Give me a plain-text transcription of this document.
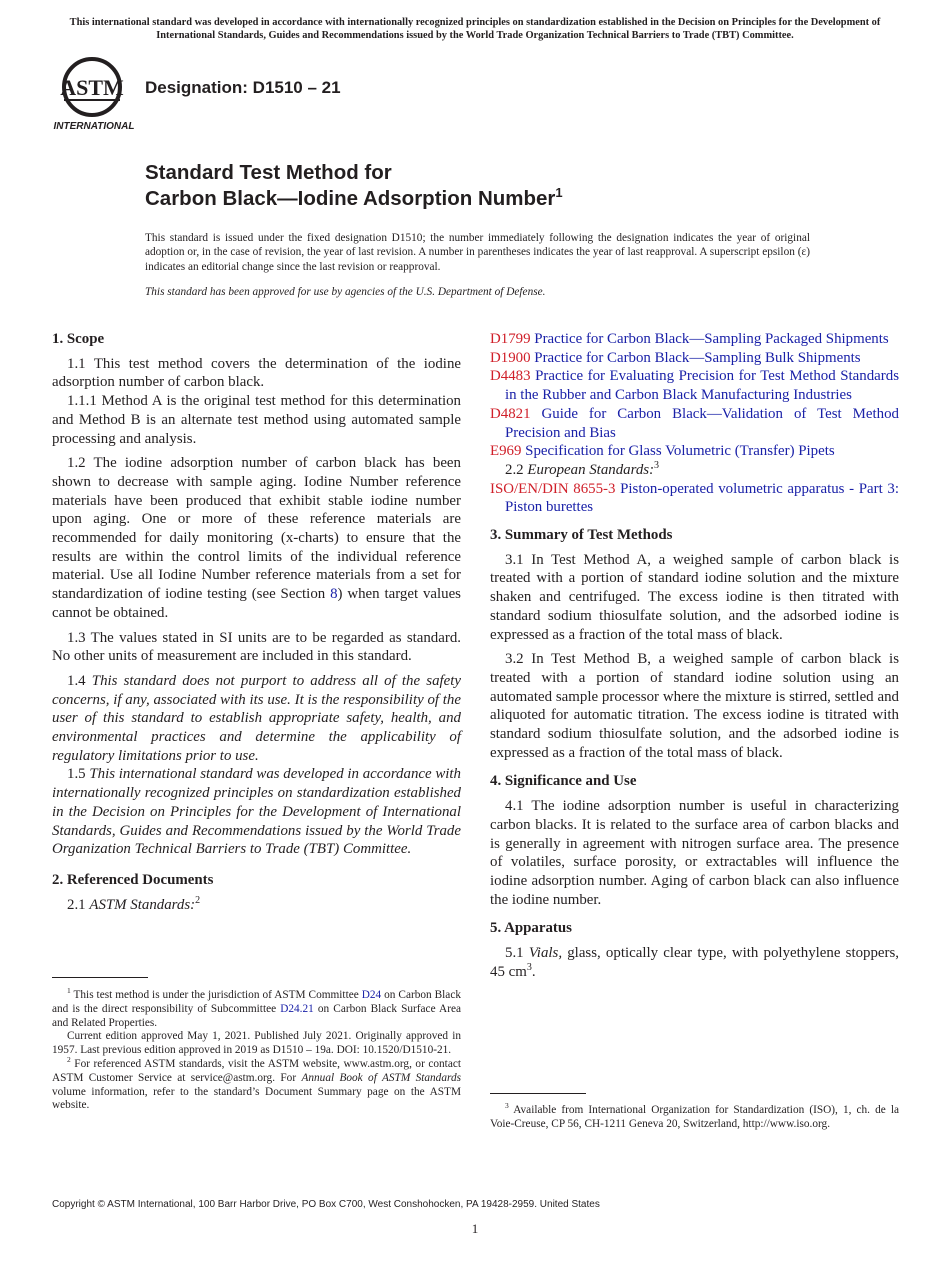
This international standard was developed in accordance with internationally recognized principles on standardization established in the Decision on Principles for the Development of International Standards, Guides and Recommendations issued by the World Trade Organization Technical Barriers to Trade (TBT) Committee.
ASTM
INTERNATIONAL
Designation: D1510 – 21
Standard Test Method for
Carbon Black—Iodine Adsorption Number$^1$
This standard is issued under the fixed designation D1510; the number immediately following the designation indicates the year of original adoption or, in the case of revision, the year of last revision. A number in parentheses indicates the year of last reapproval. A superscript epsilon (ε) indicates an editorial change since the last revision or reapproval.
This standard has been approved for use by agencies of the U.S. Department of Defense.
1. Scope

1.1 This test method covers the determination of the iodine adsorption number of carbon black.

1.1.1 Method A is the original test method for this determination and Method B is an alternate test method using automated sample processing and analysis.

1.2 The iodine adsorption number of carbon black has been shown to decrease with sample aging. Iodine Number reference materials have been produced that exhibit stable iodine number upon aging. One or more of these reference materials are recommended for daily monitoring (x-charts) to ensure that the results are within the control limits of the individual reference material. Use all Iodine Number reference materials from a set for standardization of iodine testing (see Section 8) when target values cannot be obtained.

1.3 The values stated in SI units are to be regarded as standard. No other units of measurement are included in this standard.

1.4 This standard does not purport to address all of the safety concerns, if any, associated with its use. It is the responsibility of the user of this standard to establish appropriate safety, health, and environmental practices and determine the applicability of regulatory limitations prior to use.

1.5 This international standard was developed in accordance with internationally recognized principles on standardization established in the Decision on Principles for the Development of International Standards, Guides and Recommendations issued by the World Trade Organization Technical Barriers to Trade (TBT) Committee.

2. Referenced Documents

2.1 ASTM Standards:$^2$

$^1$ This test method is under the jurisdiction of ASTM Committee D24 on Carbon Black and is the direct responsibility of Subcommittee D24.21 on Carbon Black Surface Area and Related Properties.

Current edition approved May 1, 2021. Published July 2021. Originally approved in 1957. Last previous edition approved in 2019 as D1510 – 19a. DOI: 10.1520/D1510-21.

$^2$ For referenced ASTM standards, visit the ASTM website, www.astm.org, or contact ASTM Customer Service at service@astm.org. For Annual Book of ASTM Standards volume information, refer to the standard’s Document Summary page on the ASTM website.

D1799 Practice for Carbon Black—Sampling Packaged Shipments

D1900 Practice for Carbon Black—Sampling Bulk Shipments

D4483 Practice for Evaluating Precision for Test Method Standards in the Rubber and Carbon Black Manufacturing Industries

D4821 Guide for Carbon Black—Validation of Test Method Precision and Bias

E969 Specification for Glass Volumetric (Transfer) Pipets

2.2 European Standards:$^3$

ISO/EN/DIN 8655-3 Piston-operated volumetric apparatus - Part 3: Piston burettes

3. Summary of Test Methods

3.1 In Test Method A, a weighed sample of carbon black is treated with a portion of standard iodine solution and the mixture shaken and centrifuged. The excess iodine is then titrated with standard sodium thiosulfate solution, and the adsorbed iodine is expressed as a fraction of the total mass of black.

3.2 In Test Method B, a weighed sample of carbon black is treated with a portion of standard iodine solution using an automated sample processor where the mixture is stirred, settled and aliquoted for automatic titration. The excess iodine is titrated with standard sodium thiosulfate solution, and the adsorbed iodine is expressed as a fraction of the total mass of black.

4. Significance and Use

4.1 The iodine adsorption number is useful in characterizing carbon blacks. It is related to the surface area of carbon blacks and is generally in agreement with nitrogen surface area. The presence of volatiles, surface porosity, or extractables will influence the iodine adsorption number. Aging of carbon black can also influence the iodine number.

5. Apparatus

5.1 Vials, glass, optically clear type, with polyethylene stoppers, 45 $cm^3$.

$^3$ Available from International Organization for Standardization (ISO), 1, ch. de la Voie-Creuse, CP 56, CH-1211 Geneva 20, Switzerland, http://www.iso.org.

Copyright © ASTM International, 100 Barr Harbor Drive, PO Box C700, West Conshohocken, PA 19428-2959. United States
1
